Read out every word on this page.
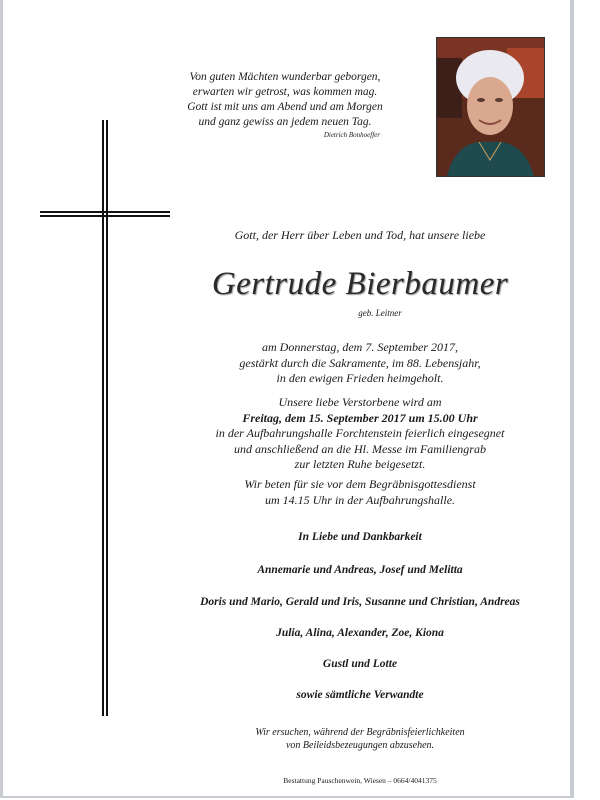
Von guten Mächten wunderbar geborgen,
erwarten wir getrost, was kommen mag.
Gott ist mit uns am Abend und am Morgen
und ganz gewiss an jedem neuen Tag.
Dietrich Bonhoeffer
Gott, der Herr über Leben und Tod, hat unsere liebe
Gertrude Bierbaumer
geb. Leitner
am Donnerstag, dem 7. September 2017,
gestärkt durch die Sakramente, im 88. Lebensjahr,
in den ewigen Frieden heimgeholt.
Unsere liebe Verstorbene wird am
Freitag, dem 15. September 2017 um 15.00 Uhr
in der Aufbahrungshalle Forchtenstein feierlich eingesegnet
und anschließend an die Hl. Messe im Familiengrab
zur letzten Ruhe beigesetzt.
Wir beten für sie vor dem Begräbnisgottesdienst
um 14.15 Uhr in der Aufbahrungshalle.
In Liebe und Dankbarkeit
Annemarie und Andreas, Josef und Melitta
Doris und Mario, Gerald und Iris, Susanne und Christian, Andreas
Julia, Alina, Alexander, Zoe, Kiona
Gustl und Lotte
sowie sämtliche Verwandte
Wir ersuchen, während der Begräbnisfeierlichkeiten
von Beileidsbezeugungen abzusehen.
Bestattung Pauschenwein, Wiesen – 0664/4041375
